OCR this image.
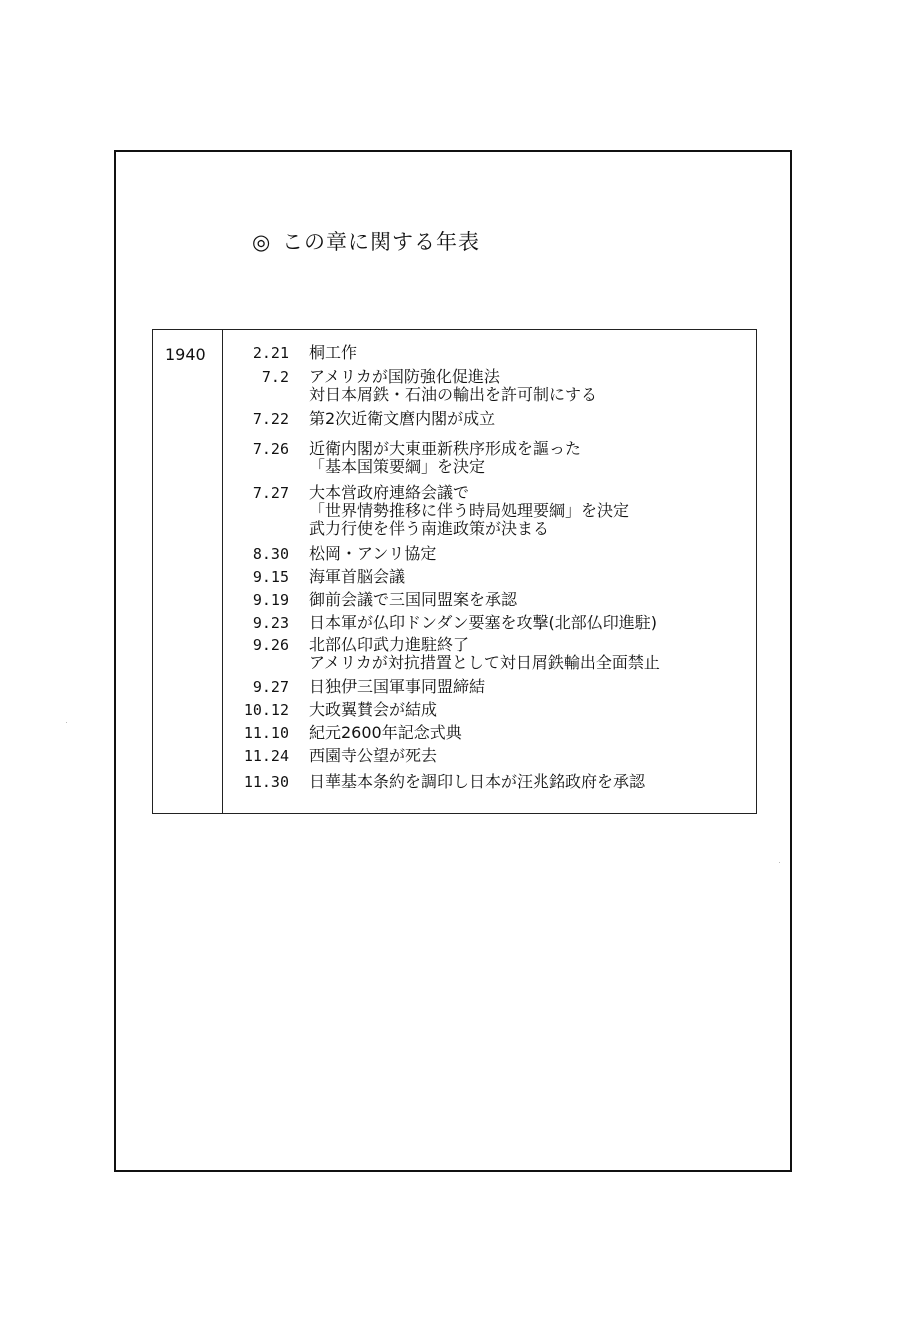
◎ この章に関する年表
1940	2.21 桐工作
7.2 アメリカが国防強化促進法
対日本屑鉄・石油の輸出を許可制にする
7.22 第2次近衛文麿内閣が成立
7.26 近衛内閣が大東亜新秩序形成を謳った
「基本国策要綱」を決定
7.27 大本営政府連絡会議で
「世界情勢推移に伴う時局処理要綱」を決定
武力行使を伴う南進政策が決まる
8.30 松岡・アンリ協定
9.15 海軍首脳会議
9.19 御前会議で三国同盟案を承認
9.23 日本軍が仏印ドンダン要塞を攻撃(北部仏印進駐)
9.26 北部仏印武力進駐終了
アメリカが対抗措置として対日屑鉄輸出全面禁止
9.27 日独伊三国軍事同盟締結
10.12 大政翼賛会が結成
11.10 紀元2600年記念式典
11.24 西園寺公望が死去
11.30 日華基本条約を調印し日本が汪兆銘政府を承認
